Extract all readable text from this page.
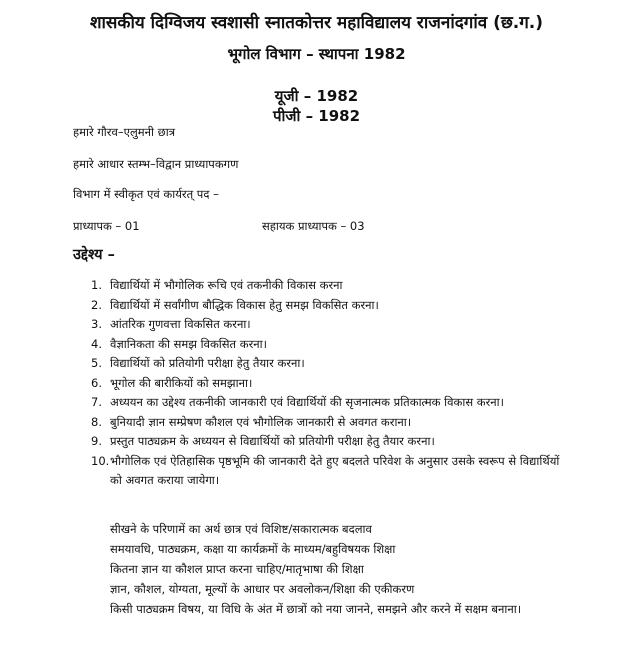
शासकीय दिग्विजय स्वशासी स्नातकोत्तर महाविद्यालय राजनांदगांव (छ.ग.)
भूगोल विभाग – स्थापना 1982
यूजी – 1982
पीजी – 1982
हमारे गौरव–एलुमनी छात्र
हमारे आधार स्तम्भ–विद्वान प्राध्यापकगण
विभाग में स्वीकृत एवं कार्यरत् पद –
प्राध्यापक – 01	सहायक प्राध्यापक – 03
उद्देश्य –
1. विद्यार्थियों में भौगोलिक रूचि एवं तकनीकी विकास करना
2. विद्यार्थियों में सर्वांगीण बौद्धिक विकास हेतु समझ विकसित करना।
3. आंतरिक गुणवत्ता विकसित करना।
4. वैज्ञानिकता की समझ विकसित करना।
5. विद्यार्थियों को प्रतियोगी परीक्षा हेतु तैयार करना।
6. भूगोल की बारीकियों को समझाना।
7. अध्ययन का उद्देश्य तकनीकी जानकारी एवं विद्यार्थियों की सृजनात्मक प्रतिकात्मक विकास करना।
8. बुनियादी ज्ञान सम्प्रेषण कौशल एवं भौगोलिक जानकारी से अवगत कराना।
9. प्रस्तुत पाठ्यक्रम के अध्ययन से विद्यार्थियों को प्रतियोगी परीक्षा हेतु तैयार करना।
10. भौगोलिक एवं ऐतिहासिक पृष्ठभूमि की जानकारी देते हुए बदलते परिवेश के अनुसार उसके स्वरूप से विद्यार्थियों को अवगत कराया जायेगा।
सीखने के परिणामें का अर्थ छात्र एवं विशिष्ट/सकारात्मक बदलाव
समयावधि, पाठ्यक्रम, कक्षा या कार्यक्रमों के माध्यम/बहुविषयक शिक्षा
कितना ज्ञान या कौशल प्राप्त करना चाहिए/मातृभाषा की शिक्षा
ज्ञान, कौशल, योग्यता, मूल्यों के आधार पर अवलोकन/शिक्षा की एकीकरण
किसी पाठ्यक्रम विषय, या विधि के अंत में छात्रों को नया जानने, समझने और करने में सक्षम बनाना।
